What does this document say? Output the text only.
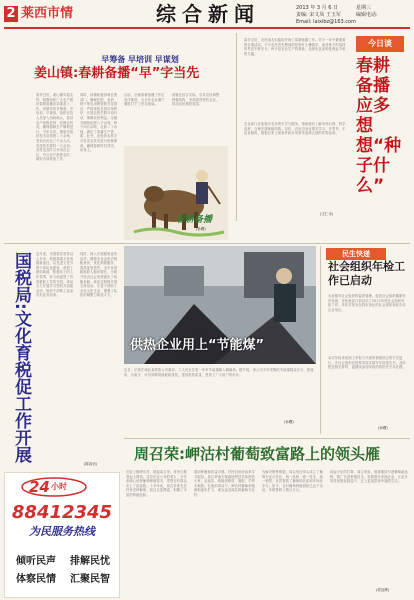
2 莱西市情	综合新闻	2013 年 3 月 6 日	星期三
责编: 宋文凤 王玉军	编辑电话:
Email: laixibz@163.com
早筹备 早培训 早谋划
姜山镇:春耕备播“早”字当先
春节过后，姜山镇早抓农时，积极组织广大农户做好春耕备播各项准备工作。该镇坚持早筹备、早培训、早谋划，组织农技人员深入田间地头，指导农户选购良种、检修农机具，确保春耕生产顺利进行。今年以来，镇里共组织技术培训班二十余场，受训农民达三千余人次，发放技术资料一万余份。各村也及时召开动员会议，号召农户抢抓农时，做好各项准备工作。
同时，该镇积极协调农资部门，确保化肥、农药、种子等农用物资的充足供应，严格规范农资市场秩序，开展农资打假专项行动，保障农民利益。全镇共储备化肥八千余吨，种子四百余吨，农药二十余吨，满足了春耕生产需要。此外，还组织农机手对各类农机具进行检修保养，确保春耕时拉得出、用得上。
目前，全镇春耕备播工作正有序推进，为全年农业增产增收打下了坚实基础。
该镇还结合实际，引导农民调整种植结构，发展高效特色农业，带动农民增收致富。
春耕备播
(孙曙)
春节过后，农民朋友们陆续开始了春耕备播工作。对于一年中最重要的农事活动，不少农民首先想到的是种什么赚钱多，而对种子的选择却考虑不够充分。种子是农业生产的基础，选择优良品种是保证丰收的关键。
农业部门应加强对农民的引导与服务，帮助他们了解市场行情，科学选种，合理安排种植结构。同时，农民自身也要多学习、多思考，不盲目跟风，根据自家土地条件和市场需求选择合适的作物品种。
今日谈
春耕备播 应多想想“种子什么”
(王仁本)
国税局:文化育税促工作开展	近年来，市国税局坚持以人为本，积极探索文化育税新途径，以先进文化引领干部队伍建设，营造了团结和谐、积极向上的工作氛围，有力地促进了各项税收工作的开展。该局大力开展学习型机关创建活动，组织干部职工参加各类业务培训。
同时，深入开展税收宣传活动，增强全社会依法纳税意识，优化纳税服务，提高征管质效，全年各项税收收入稳步增长，为地方经济社会发展做出了积极贡献。该局还积极开展文体活动，丰富干部职工业余文化生活，增强了队伍的凝聚力和战斗力。
(陈高岩)
供热企业用上“节能煤”
近日，记者在城区某供热公司看到，工人们正在将一车车节能煤卸入储煤场。据介绍，该公司今年采购的节能煤燃烧充分、热值高、污染少，可有效降低能耗和排放，提高供热质量，受到了广大用户的好评。
(孙曙)
民生快递
社会组织年检工作已启动
为加强对社会组织的监督管理，促进社会组织健康有序发展，市民政局日前启动了2012年度社会组织年检工作。年检对象为在我市登记的社会团体和民办非企业单位。
本次年检采取网上申报与书面审查相结合的方式进行，各社会组织应按要求如实填写年检报告书，及时报送相关材料，逾期未参加年检的将依法予以处理。
(孙曙)
周召荣:岬沽村葡萄致富路上的领头雁
在院上镇岬沽村，提起周召荣，村民们都竖起大拇指。这位年近六旬的老人，多年来潜心钻研葡萄种植技术，带领全村群众走上了致富路。十多年前，周召荣率先在村里试种葡萄，经过反复摸索，积累了丰富的种植经验。
看到种葡萄效益可观，村民们纷纷前来学习取经。周召荣毫无保留地把技术传授给大家，从选苗、栽植到修剪、施肥，手把手地教。在他的带动下，岬沽村葡萄种植面积逐年扩大，成为远近闻名的葡萄专业村。
为解决销售难题，周召荣还牵头成立了葡萄专业合作社，统一品种、统一技术、统一销售，有效提高了葡萄的品质和市场竞争力。如今，全村葡萄种植面积已达千余亩，年销售收入数百万元。
谈起今后的打算，周召荣说，他将继续引进葡萄新品种，推广先进种植技术，发展观光采摘农业，让更多的村民鼓起钱袋子，过上更加富裕幸福的生活。
(侯连辉)
24 小时
88412345
为民服务热线
倾听民声	排解民忧
体察民情	汇聚民智
